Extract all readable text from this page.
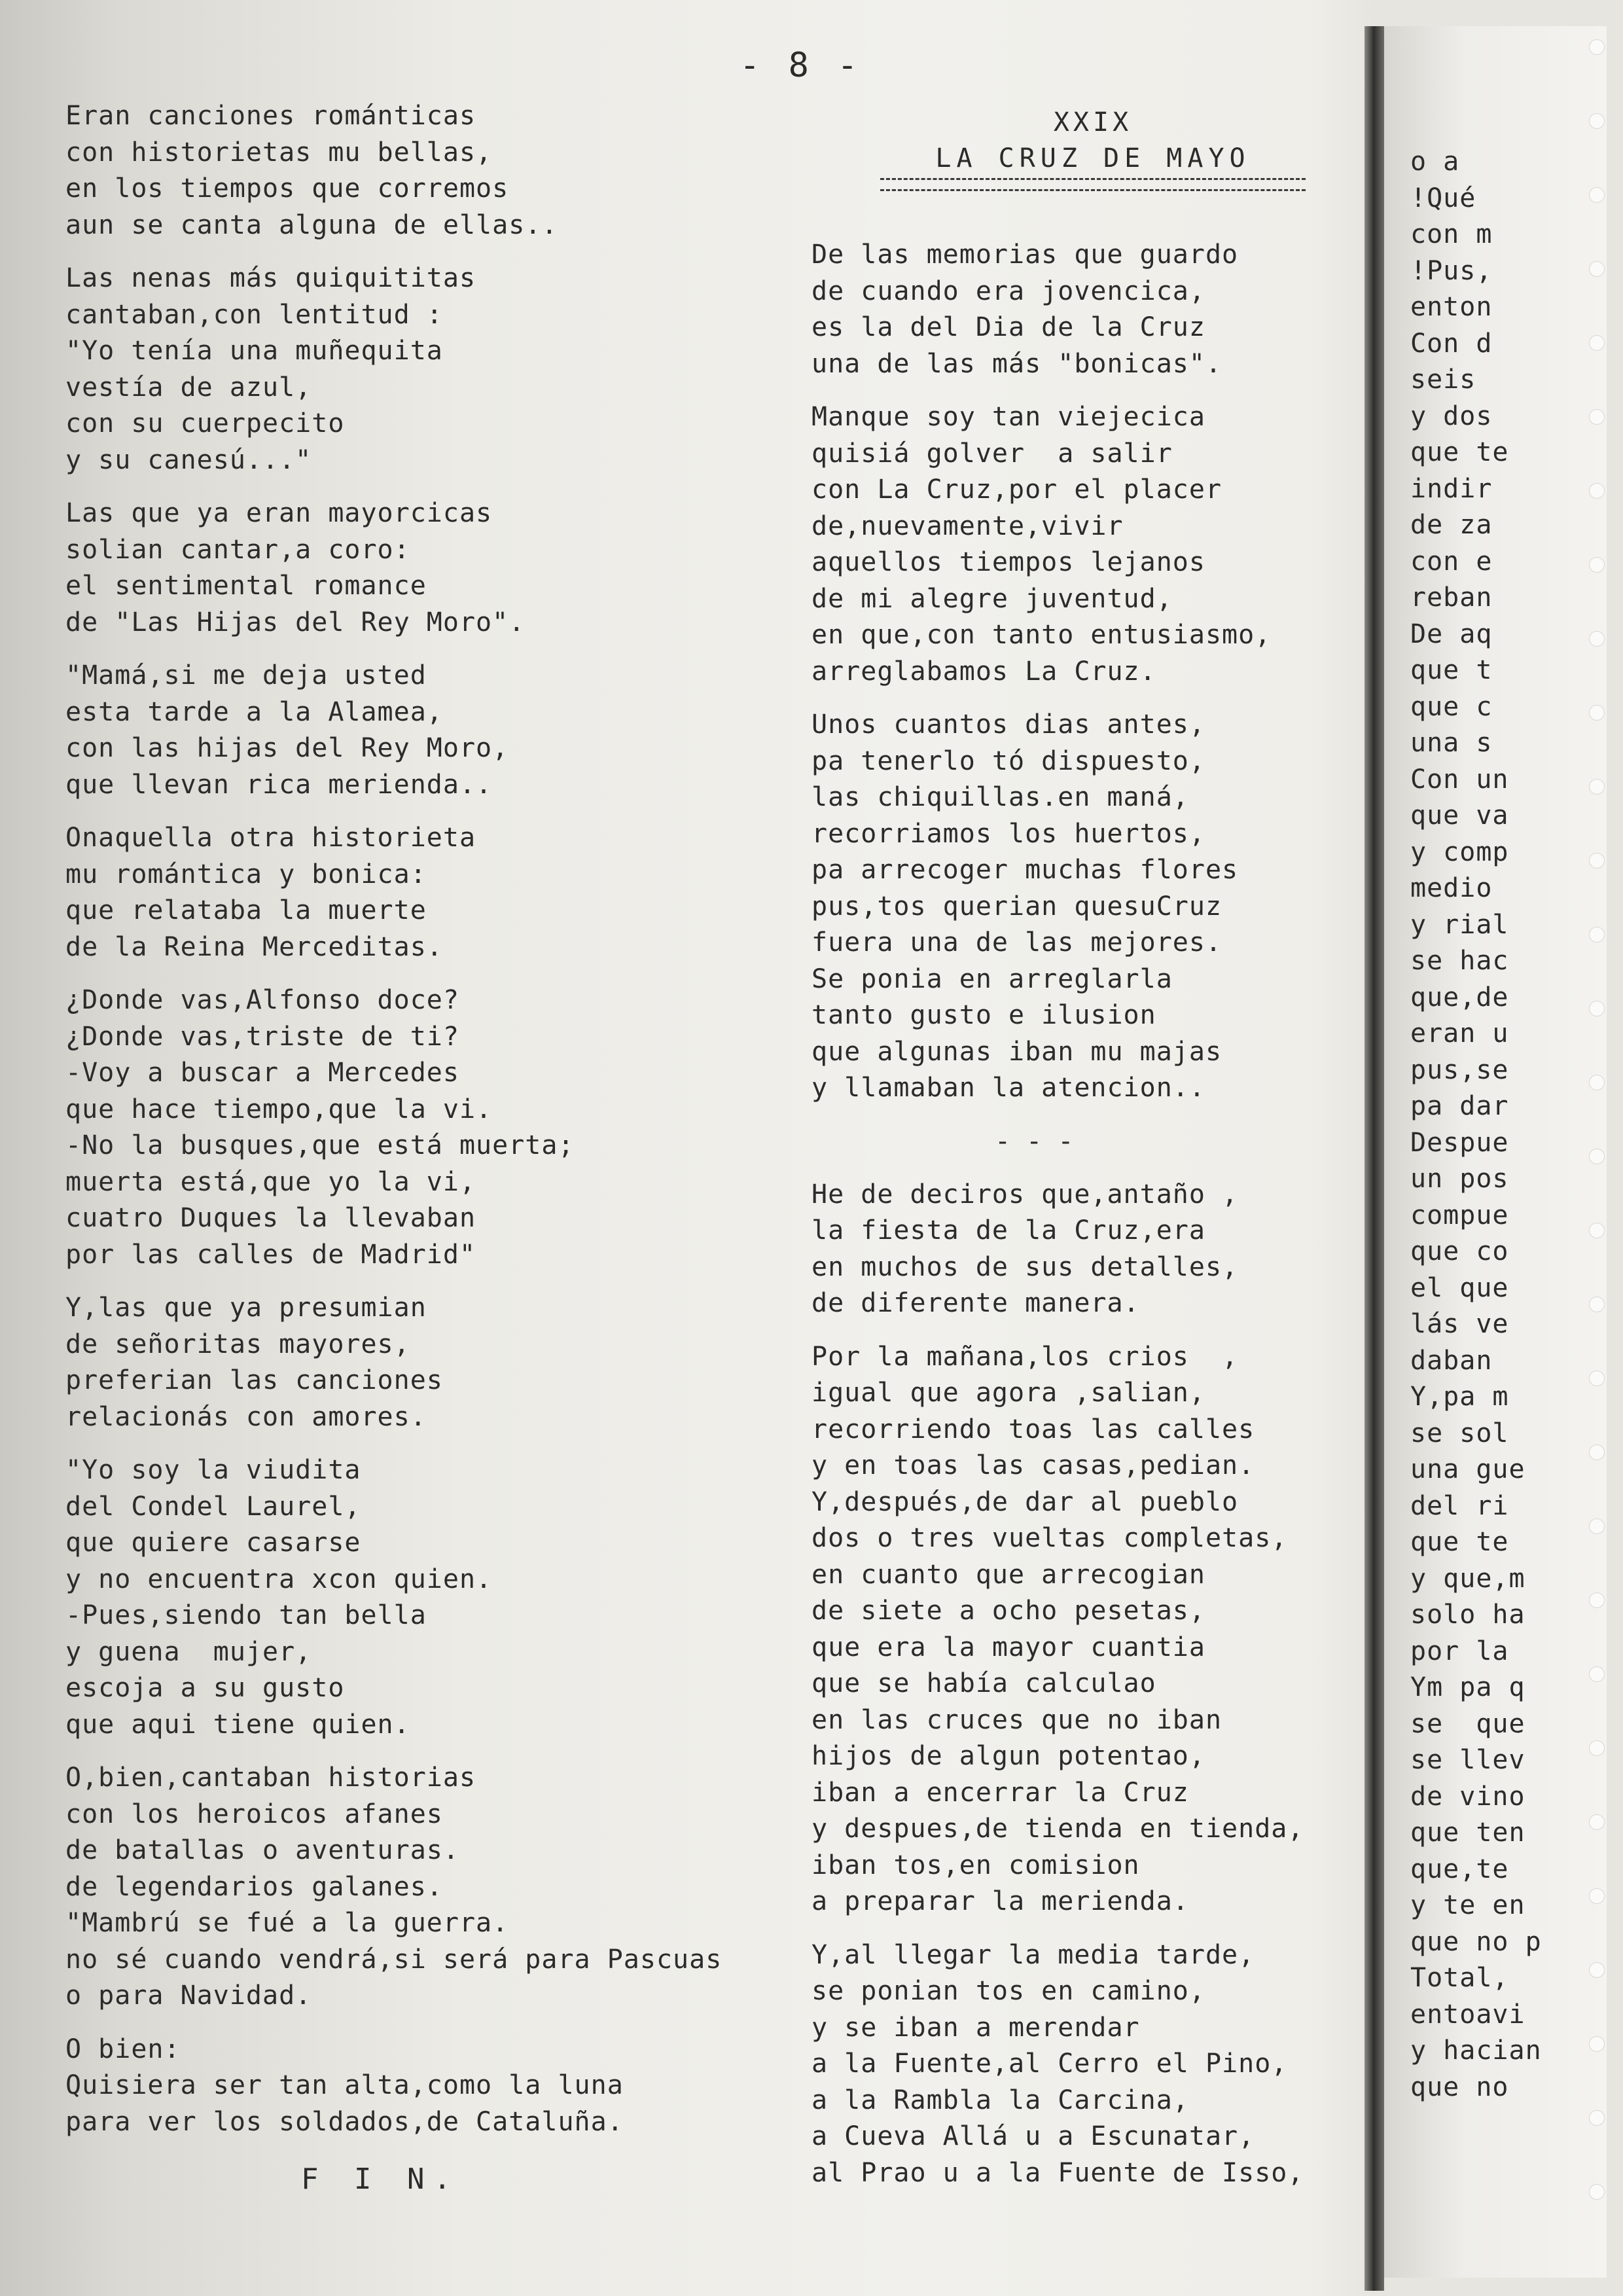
- 8 -
Eran canciones románticas
con historietas mu bellas,
en los tiempos que corremos
aun se canta alguna de ellas..
Las nenas más quiquititas
cantaban,con lentitud :
"Yo tenía una muñequita
vestía de azul,
con su cuerpecito
y su canesú..."
Las que ya eran mayorcicas
solian cantar,a coro:
el sentimental romance
de "Las Hijas del Rey Moro".
"Mamá,si me deja usted
esta tarde a la Alamea,
con las hijas del Rey Moro,
que llevan rica merienda..
Onaquella otra historieta
mu romántica y bonica:
que relataba la muerte
de la Reina Merceditas.
¿Donde vas,Alfonso doce?
¿Donde vas,triste de ti?
-Voy a buscar a Mercedes
que hace tiempo,que la vi.
-No la busques,que está muerta;
muerta está,que yo la vi,
cuatro Duques la llevaban
por las calles de Madrid"
Y,las que ya presumian
de señoritas mayores,
preferian las canciones
relacionás con amores.
"Yo soy la viudita
del Condel Laurel,
que quiere casarse
y no encuentra xcon quien.
-Pues,siendo tan bella
y guena  mujer,
escoja a su gusto
que aqui tiene quien.
O,bien,cantaban historias
con los heroicos afanes
de batallas o aventuras.
de legendarios galanes.
"Mambrú se fué a la guerra.
no sé cuando vendrá,si será para Pascuas
o para Navidad.
O bien:
Quisiera ser tan alta,como la luna
para ver los soldados,de Cataluña.
F I N.
XXIX
LA CRUZ DE MAYO
De las memorias que guardo
de cuando era jovencica,
es la del Dia de la Cruz
una de las más "bonicas".
Manque soy tan viejecica
quisiá golver  a salir
con La Cruz,por el placer
de,nuevamente,vivir
aquellos tiempos lejanos
de mi alegre juventud,
en que,con tanto entusiasmo,
arreglabamos La Cruz.
Unos cuantos dias antes,
pa tenerlo tó dispuesto,
las chiquillas.en maná,
recorriamos los huertos,
pa arrecoger muchas flores
pus,tos querian quesuCruz
fuera una de las mejores.
Se ponia en arreglarla
tanto gusto e ilusion
que algunas iban mu majas
y llamaban la atencion..
- - -
He de deciros que,antaño ,
la fiesta de la Cruz,era
en muchos de sus detalles,
de diferente manera.
Por la mañana,los crios  ,
igual que agora ,salian,
recorriendo toas las calles
y en toas las casas,pedian.
Y,después,de dar al pueblo
dos o tres vueltas completas,
en cuanto que arrecogian
de siete a ocho pesetas,
que era la mayor cuantia
que se había calculao
en las cruces que no iban
hijos de algun potentao,
iban a encerrar la Cruz
y despues,de tienda en tienda,
iban tos,en comision
a preparar la merienda.
Y,al llegar la media tarde,
se ponian tos en camino,
y se iban a merendar
a la Fuente,al Cerro el Pino,
a la Rambla la Carcina,
a Cueva Allá u a Escunatar,
al Prao u a la Fuente de Isso,
o a
!Qué
con m
!Pus,
enton
Con d
seis
y dos
que te
indir
de za
con e
reban
De aq
que t
que c
una s
Con un
que va
y comp
medio
y rial
se hac
que,de
eran u
pus,se
pa dar
Despue
un pos
compue
que co
el que
lás ve
daban
Y,pa m
se sol
una gue
del ri
que te
y que,m
solo ha
por la
Ym pa q
se  que
se llev
de vino
que ten
que,te
y te en
que no p
Total,
entoavi
y hacian
que no
